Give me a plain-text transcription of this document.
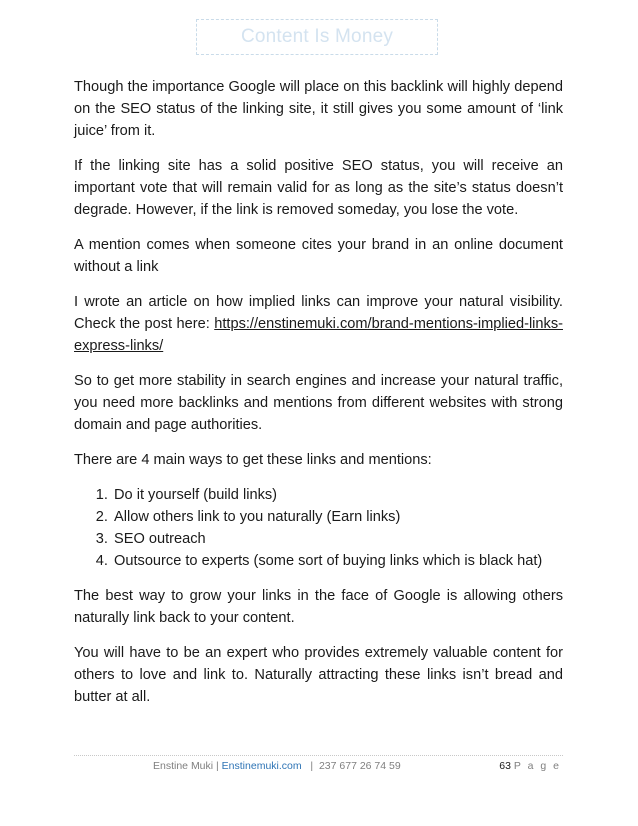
Content Is Money

Though the importance Google will place on this backlink will highly depend on the SEO status of the linking site, it still gives you some amount of ‘link juice’ from it.

If the linking site has a solid positive SEO status, you will receive an important vote that will remain valid for as long as the site’s status doesn’t degrade. However, if the link is removed someday, you lose the vote.

A mention comes when someone cites your brand in an online document without a link

I wrote an article on how implied links can improve your natural visibility. Check the post here: https://enstinemuki.com/brand-mentions-implied-links-express-links/

So to get more stability in search engines and increase your natural traffic, you need more backlinks and mentions from different websites with strong domain and page authorities.

There are 4 main ways to get these links and mentions:

1. Do it yourself (build links)
2. Allow others link to you naturally (Earn links)
3. SEO outreach
4. Outsource to experts (some sort of buying links which is black hat)

The best way to grow your links in the face of Google is allowing others naturally link back to your content.

You will have to be an expert who provides extremely valuable content for others to love and link to. Naturally attracting these links isn’t bread and butter at all.

Enstine Muki | Enstinemuki.com   |  237 677 26 74 59	63 P a g e
